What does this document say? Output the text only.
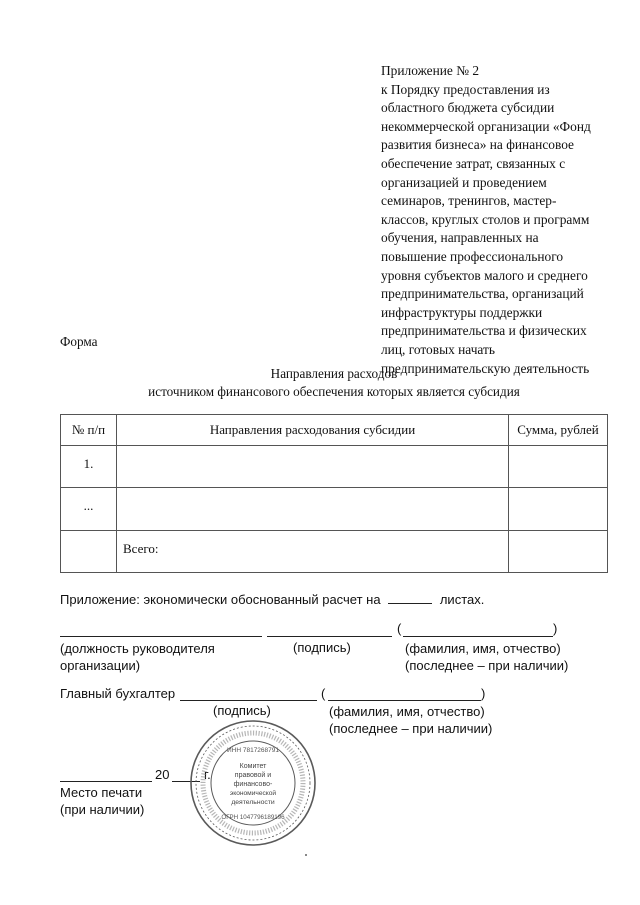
Приложение № 2
к Порядку предоставления из
областного бюджета субсидии
некоммерческой организации «Фонд
развития бизнеса» на финансовое
обеспечение затрат, связанных с
организацией и проведением
семинаров, тренингов, мастер-
классов, круглых столов и программ
обучения, направленных на
повышение профессионального
уровня субъектов малого и среднего
предпринимательства, организаций
инфраструктуры поддержки
предпринимательства и физических
лиц, готовых начать
предпринимательскую деятельность
Форма
Направления расходов
источником финансового обеспечения которых является субсидия
№ п/п	Направления расходования субсидии	Сумма, рублей
1.		
...		
	Всего:	
Приложение: экономически обоснованный расчет на	листах.
(	)
(должность руководителя
организации)
(подпись)	(фамилия, имя, отчество)
(последнее – при наличии)
Главный бухгалтер	(	)
(подпись)	(фамилия, имя, отчество)
(последнее – при наличии)
20	г.
Место печати
(при наличии)
ИНН 7817268791
Комитет
правовой и
финансово-
экономической
деятельности
ОГРН 1047796189196
